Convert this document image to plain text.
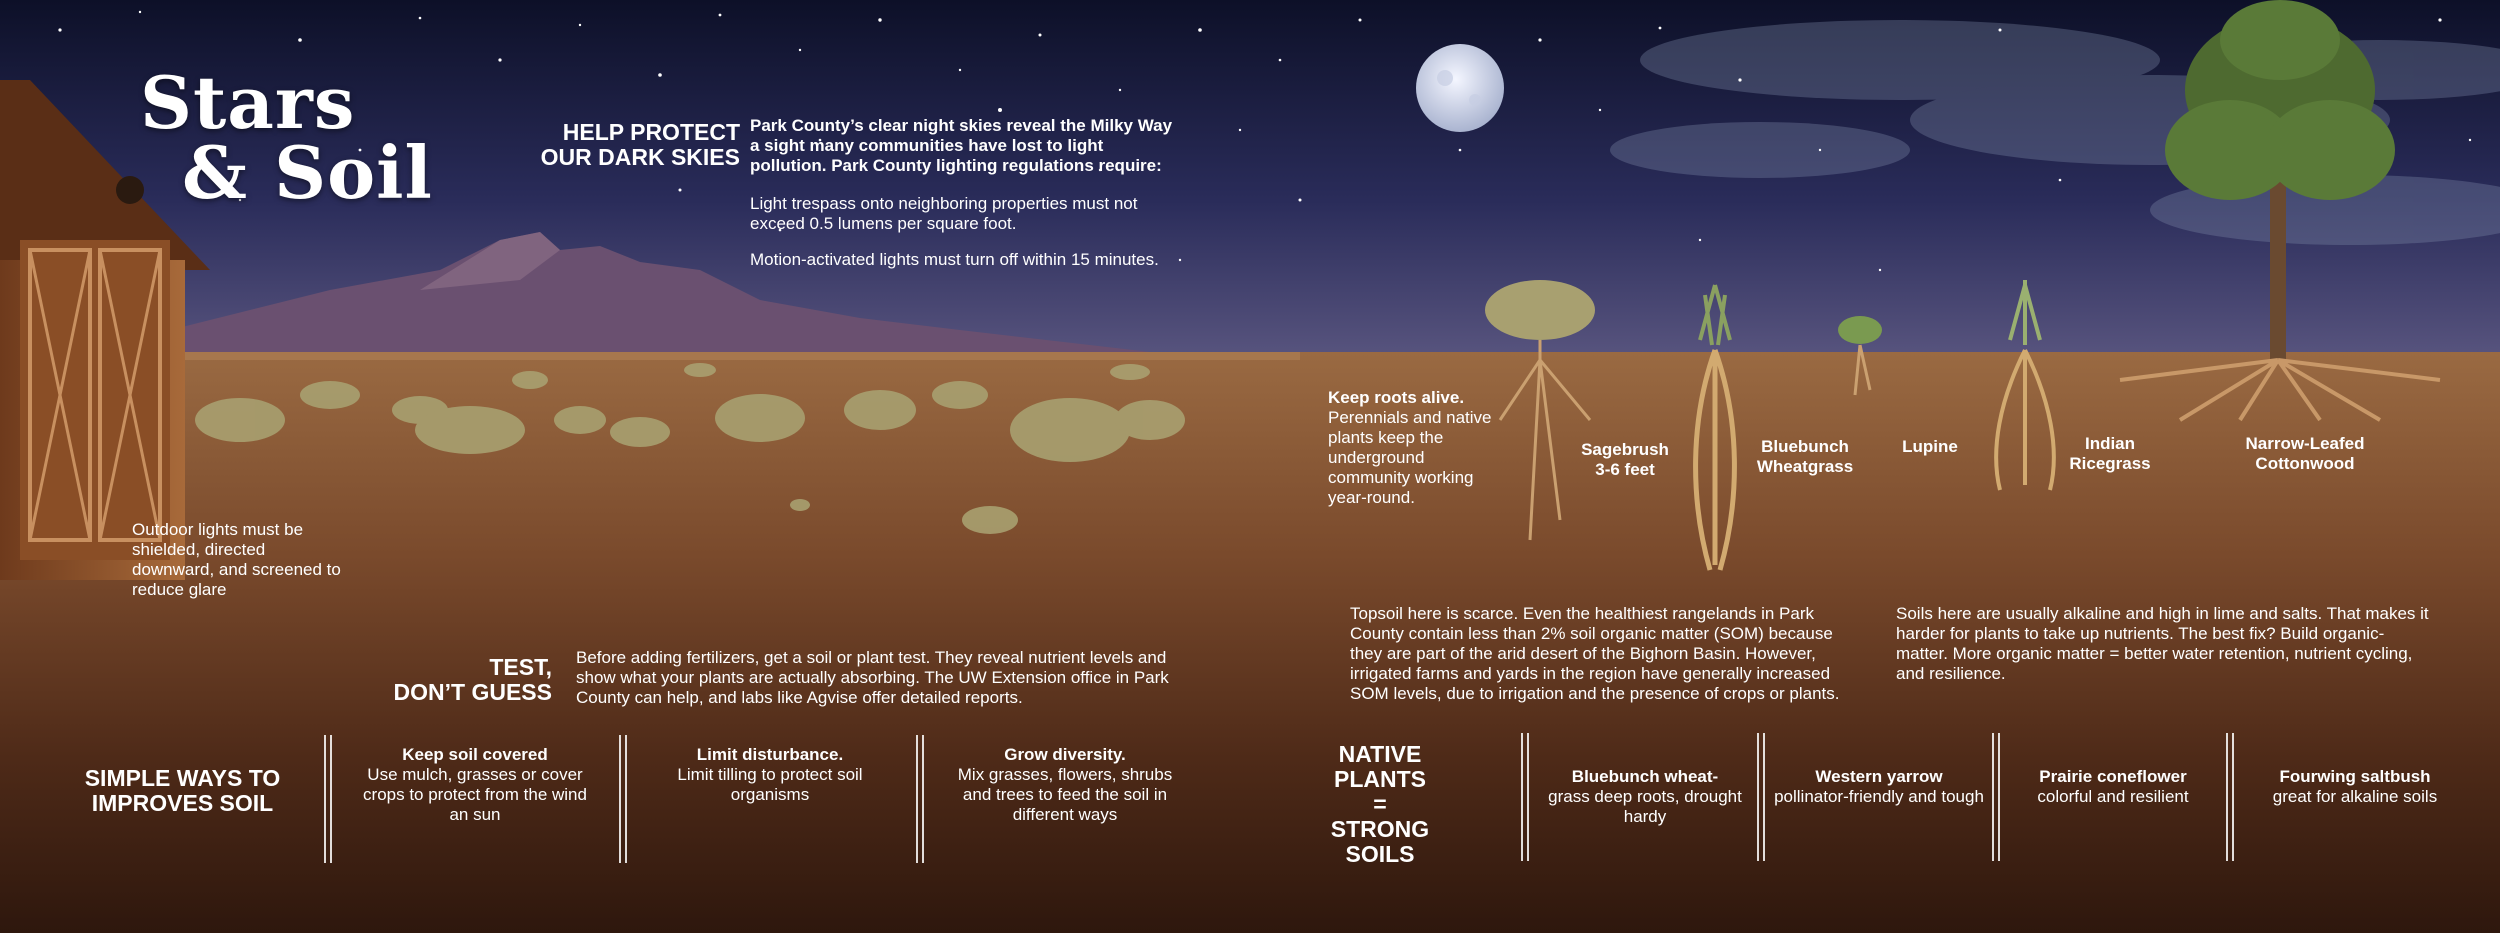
Stars
& Soil	HELP PROTECT
OUR DARK SKIES
Park County’s clear night skies reveal the Milky Way a sight many communities have lost to light pollution. Park County lighting regulations require:
Light trespass onto neighboring properties must not exceed 0.5 lumens per square foot.
Motion-activated lights must turn off within 15 minutes.
Outdoor lights must be shielded, directed downward, and screened to reduce glare
TEST,
DON’T GUESS
Before adding fertilizers, get a soil or plant test. They reveal nutrient levels and show what your plants are actually absorbing. The UW Extension office in Park County can help, and labs like Agvise offer detailed reports.
SIMPLE WAYS TO
IMPROVES SOIL
Keep soil covered
Use mulch, grasses or cover crops to protect from the wind an sun
Limit disturbance.
Limit tilling to protect soil organisms
Grow diversity.
Mix grasses, flowers, shrubs and trees to feed the soil in different ways
Keep roots alive.
Perennials and native plants keep the underground community working year-round.
Sagebrush
3-6 feet
Bluebunch
Wheatgrass
Lupine	Indian
Ricegrass
Narrow-Leafed
Cottonwood
Topsoil here is scarce. Even the healthiest rangelands in Park County contain less than 2% soil organic matter (SOM) because they are part of the arid desert of the Bighorn Basin. However, irrigated farms and yards in the region have generally increased SOM levels, due to irrigation and the presence of crops or plants.
Soils here are usually alkaline and high in lime and salts. That makes it harder for plants to take up nutrients. The best fix? Build organic-matter. More organic matter = better water retention, nutrient cycling, and resilience.
NATIVE
PLANTS
=
STRONG
SOILS
Bluebunch wheat-
grass deep roots, drought hardy
Western yarrow
pollinator-friendly and tough
Prairie coneflower
colorful and resilient
Fourwing saltbush
great for alkaline soils
